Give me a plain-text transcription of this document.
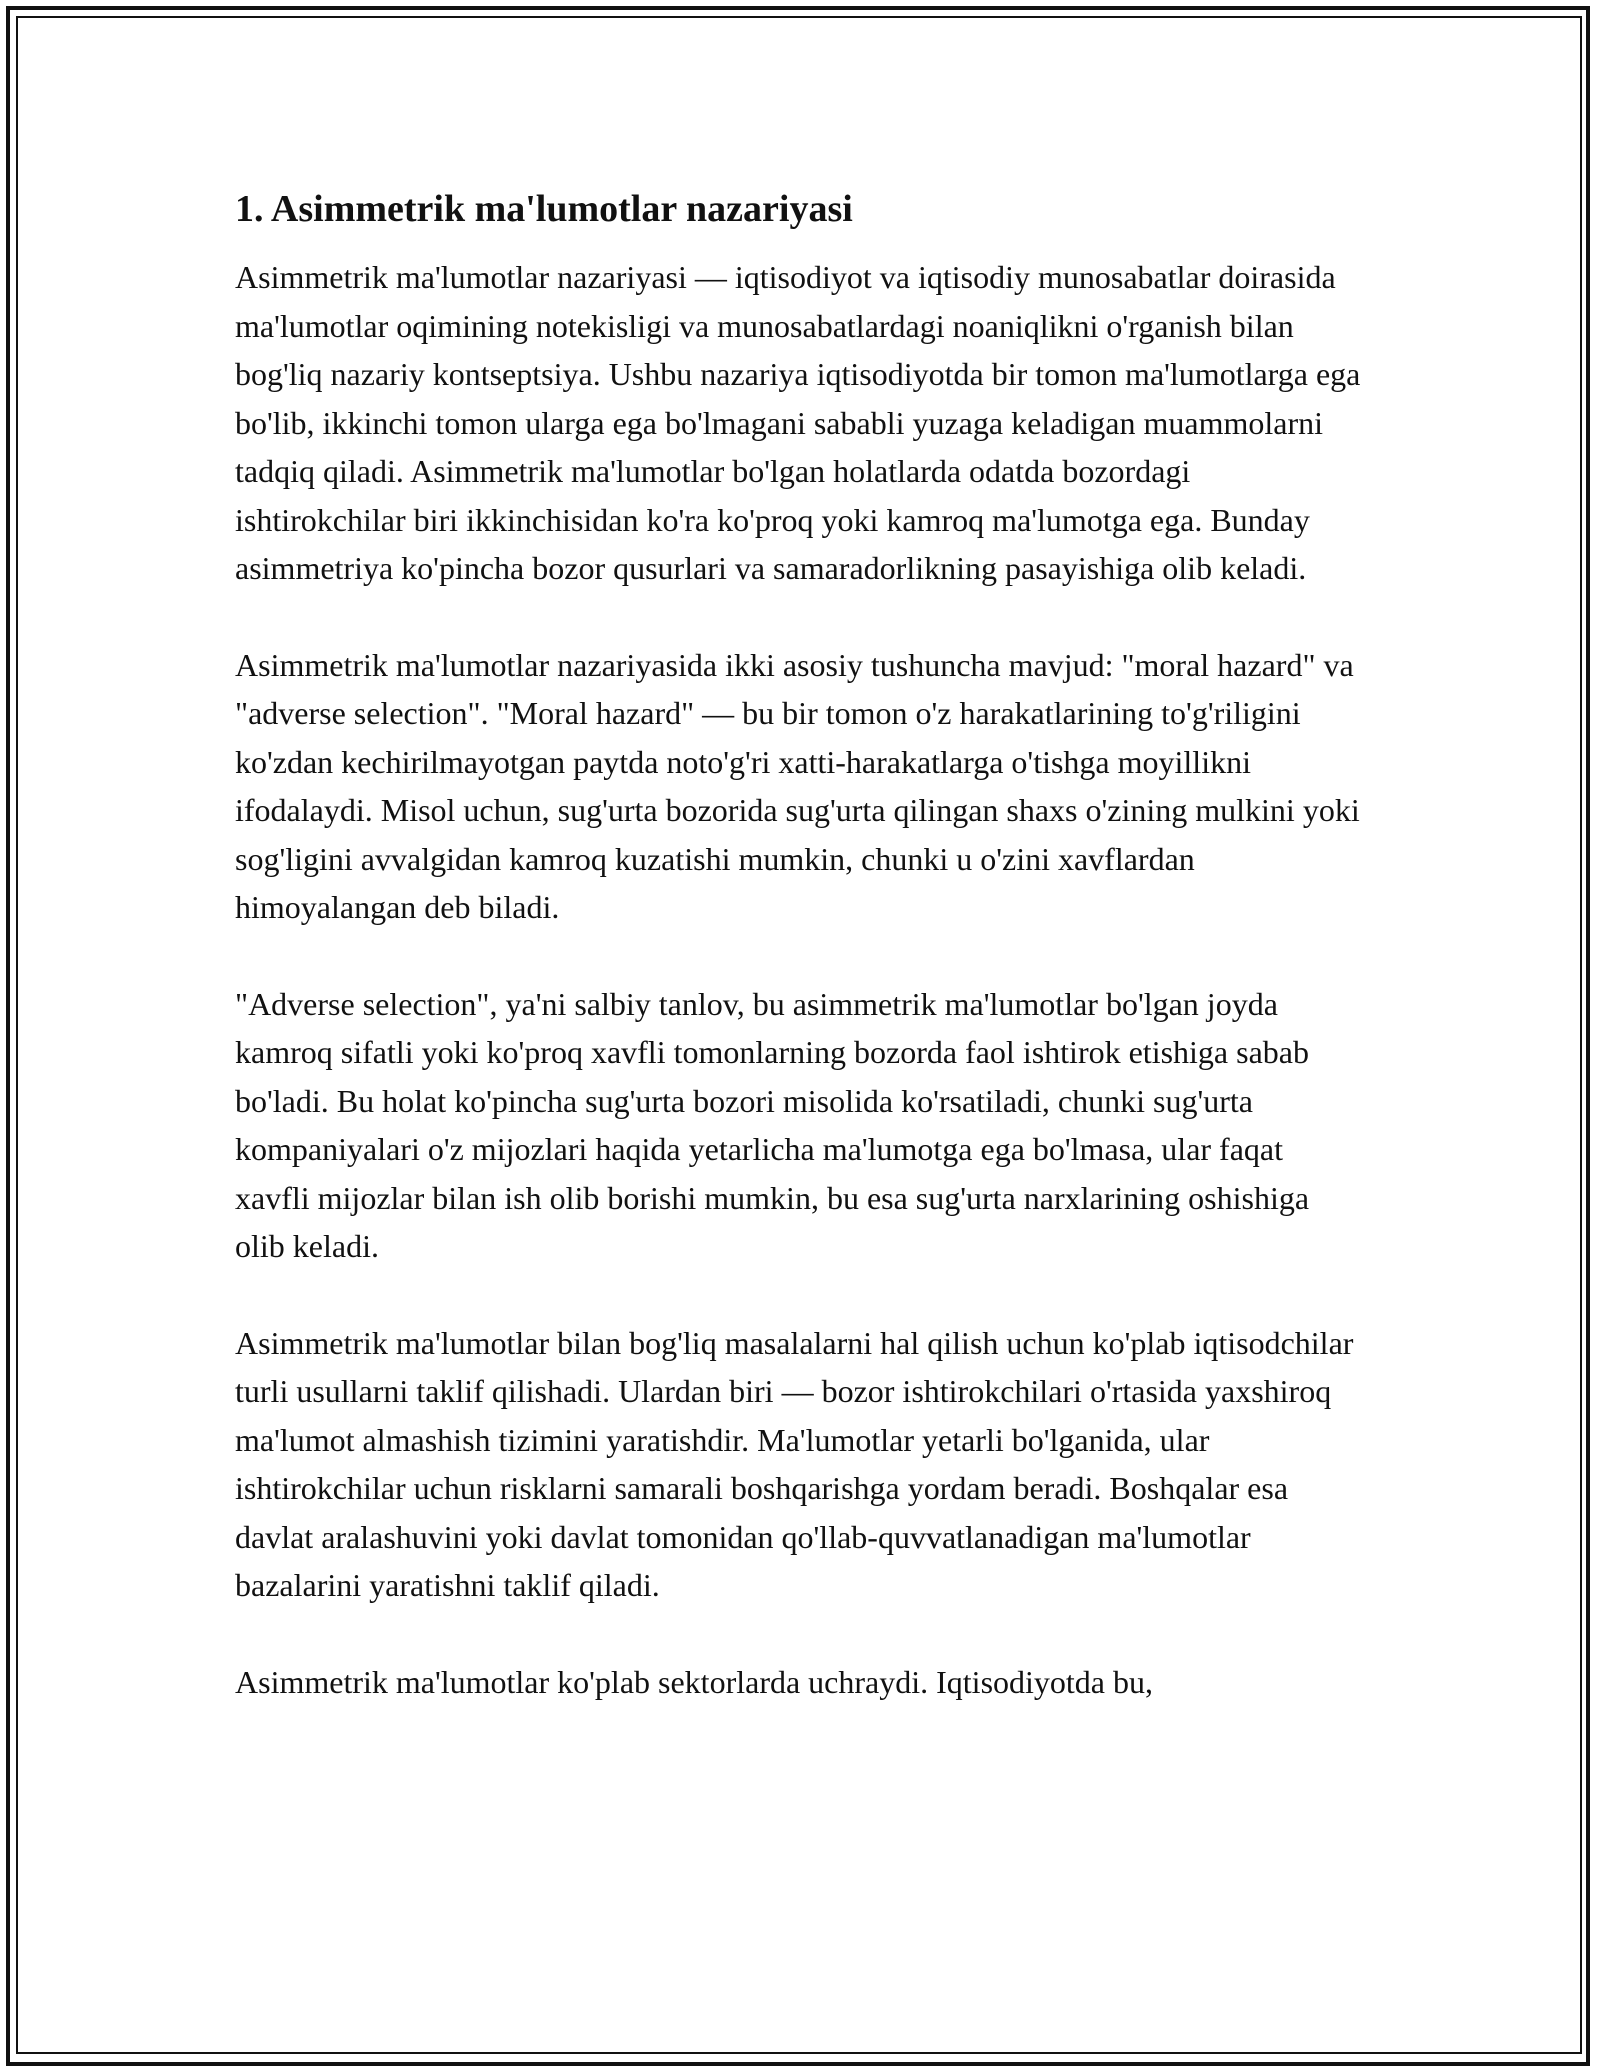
1. Asimmetrik ma'lumotlar nazariyasi

Asimmetrik ma'lumotlar nazariyasi — iqtisodiyot va iqtisodiy munosabatlar doirasida ma'lumotlar oqimining notekisligi va munosabatlardagi noaniqlikni o'rganish bilan bog'liq nazariy kontseptsiya. Ushbu nazariya iqtisodiyotda bir tomon ma'lumotlarga ega bo'lib, ikkinchi tomon ularga ega bo'lmagani sababli yuzaga keladigan muammolarni tadqiq qiladi. Asimmetrik ma'lumotlar bo'lgan holatlarda odatda bozordagi ishtirokchilar biri ikkinchisidan ko'ra ko'proq yoki kamroq ma'lumotga ega. Bunday asimmetriya ko'pincha bozor qusurlari va samaradorlikning pasayishiga olib keladi.

Asimmetrik ma'lumotlar nazariyasida ikki asosiy tushuncha mavjud: "moral hazard" va "adverse selection". "Moral hazard" — bu bir tomon o'z harakatlarining to'g'riligini ko'zdan kechirilmayotgan paytda noto'g'ri xatti-harakatlarga o'tishga moyillikni ifodalaydi. Misol uchun, sug'urta bozorida sug'urta qilingan shaxs o'zining mulkini yoki sog'ligini avvalgidan kamroq kuzatishi mumkin, chunki u o'zini xavflardan himoyalangan deb biladi.

"Adverse selection", ya'ni salbiy tanlov, bu asimmetrik ma'lumotlar bo'lgan joyda kamroq sifatli yoki ko'proq xavfli tomonlarning bozorda faol ishtirok etishiga sabab bo'ladi. Bu holat ko'pincha sug'urta bozori misolida ko'rsatiladi, chunki sug'urta kompaniyalari o'z mijozlari haqida yetarlicha ma'lumotga ega bo'lmasa, ular faqat xavfli mijozlar bilan ish olib borishi mumkin, bu esa sug'urta narxlarining oshishiga olib keladi.

Asimmetrik ma'lumotlar bilan bog'liq masalalarni hal qilish uchun ko'plab iqtisodchilar turli usullarni taklif qilishadi. Ulardan biri — bozor ishtirokchilari o'rtasida yaxshiroq ma'lumot almashish tizimini yaratishdir. Ma'lumotlar yetarli bo'lganida, ular ishtirokchilar uchun risklarni samarali boshqarishga yordam beradi. Boshqalar esa davlat aralashuvini yoki davlat tomonidan qo'llab-quvvatlanadigan ma'lumotlar bazalarini yaratishni taklif qiladi.

Asimmetrik ma'lumotlar ko'plab sektorlarda uchraydi. Iqtisodiyotda bu,
